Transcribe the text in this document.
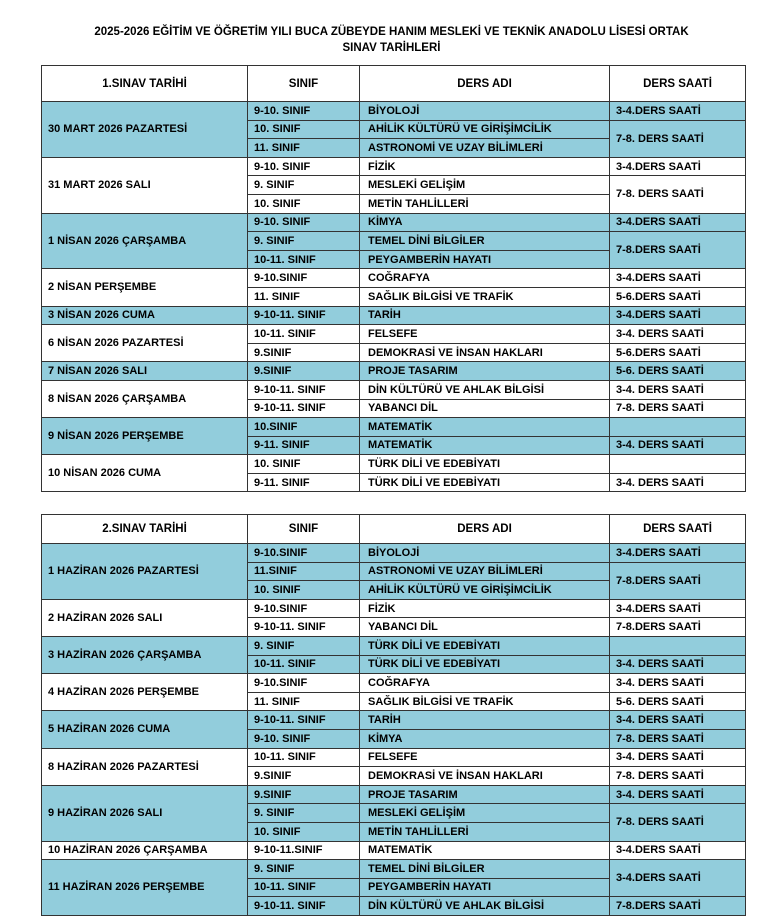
2025-2026 EĞİTİM VE ÖĞRETİM YILI BUCA ZÜBEYDE HANIM MESLEKİ VE TEKNİK ANADOLU LİSESİ ORTAK
SINAV TARİHLERİ
1.SINAV TARİHİ	SINIF	DERS ADI	DERS SAATİ
30 MART 2026 PAZARTESİ	9-10. SINIF	BİYOLOJİ	3-4.DERS SAATİ
	10. SINIF	AHİLİK KÜLTÜRÜ VE GİRİŞİMCİLİK	7-8. DERS SAATİ
	11. SINIF	ASTRONOMİ VE UZAY BİLİMLERİ	
31 MART 2026 SALI	9-10. SINIF	FİZİK	3-4.DERS SAATİ
	9. SINIF	MESLEKİ GELİŞİM	7-8. DERS SAATİ
	10. SINIF	METİN TAHLİLLERİ	
1 NİSAN 2026 ÇARŞAMBA	9-10. SINIF	KİMYA	3-4.DERS SAATİ
	9. SINIF	TEMEL DİNİ BİLGİLER	7-8.DERS SAATİ
	10-11. SINIF	PEYGAMBERİN HAYATI	
2 NİSAN PERŞEMBE	9-10.SINIF	COĞRAFYA	3-4.DERS SAATİ
	11. SINIF	SAĞLIK BİLGİSİ VE TRAFİK	5-6.DERS SAATİ
3 NİSAN 2026 CUMA	9-10-11. SINIF	TARİH	3-4.DERS SAATİ
6 NİSAN 2026 PAZARTESİ	10-11. SINIF	FELSEFE	3-4. DERS SAATİ
	9.SINIF	DEMOKRASİ VE İNSAN HAKLARI	5-6.DERS SAATİ
7 NİSAN 2026 SALI	9.SINIF	PROJE TASARIM	5-6. DERS SAATİ
8 NİSAN 2026 ÇARŞAMBA	9-10-11. SINIF	DİN KÜLTÜRÜ VE AHLAK BİLGİSİ	3-4. DERS SAATİ
	9-10-11. SINIF	YABANCI DİL	7-8. DERS SAATİ
9 NİSAN 2026 PERŞEMBE	10.SINIF	MATEMATİK	
	9-11. SINIF	MATEMATİK	3-4. DERS SAATİ
10 NİSAN 2026 CUMA	10. SINIF	TÜRK DİLİ VE EDEBİYATI	
	9-11. SINIF	TÜRK DİLİ VE EDEBİYATI	3-4. DERS SAATİ
2.SINAV TARİHİ	SINIF	DERS ADI	DERS SAATİ
1 HAZİRAN 2026 PAZARTESİ	9-10.SINIF	BİYOLOJİ	3-4.DERS SAATİ
	11.SINIF	ASTRONOMİ VE UZAY BİLİMLERİ	7-8.DERS SAATİ
	10. SINIF	AHİLİK KÜLTÜRÜ VE GİRİŞİMCİLİK	
2 HAZİRAN 2026 SALI	9-10.SINIF	FİZİK	3-4.DERS SAATİ
	9-10-11. SINIF	YABANCI DİL	7-8.DERS SAATİ
3 HAZİRAN 2026 ÇARŞAMBA	9. SINIF	TÜRK DİLİ VE EDEBİYATI	
	10-11. SINIF	TÜRK DİLİ VE EDEBİYATI	3-4. DERS SAATİ
4 HAZİRAN 2026 PERŞEMBE	9-10.SINIF	COĞRAFYA	3-4. DERS SAATİ
	11. SINIF	SAĞLIK BİLGİSİ VE TRAFİK	5-6. DERS SAATİ
5 HAZİRAN 2026 CUMA	9-10-11. SINIF	TARİH	3-4. DERS SAATİ
	9-10. SINIF	KİMYA	7-8. DERS SAATİ
8 HAZİRAN 2026 PAZARTESİ	10-11. SINIF	FELSEFE	3-4. DERS SAATİ
	9.SINIF	DEMOKRASİ VE İNSAN HAKLARI	7-8. DERS SAATİ
9 HAZİRAN 2026 SALI	9.SINIF	PROJE TASARIM	3-4. DERS SAATİ
	9. SINIF	MESLEKİ GELİŞİM	7-8. DERS SAATİ
	10. SINIF	METİN TAHLİLLERİ	
10 HAZİRAN 2026 ÇARŞAMBA	9-10-11.SINIF	MATEMATİK	3-4.DERS SAATİ
11 HAZİRAN 2026 PERŞEMBE	9. SINIF	TEMEL DİNİ BİLGİLER	3-4.DERS SAATİ
	10-11. SINIF	PEYGAMBERİN HAYATI	
	9-10-11. SINIF	DİN KÜLTÜRÜ VE AHLAK BİLGİSİ	7-8.DERS SAATİ
